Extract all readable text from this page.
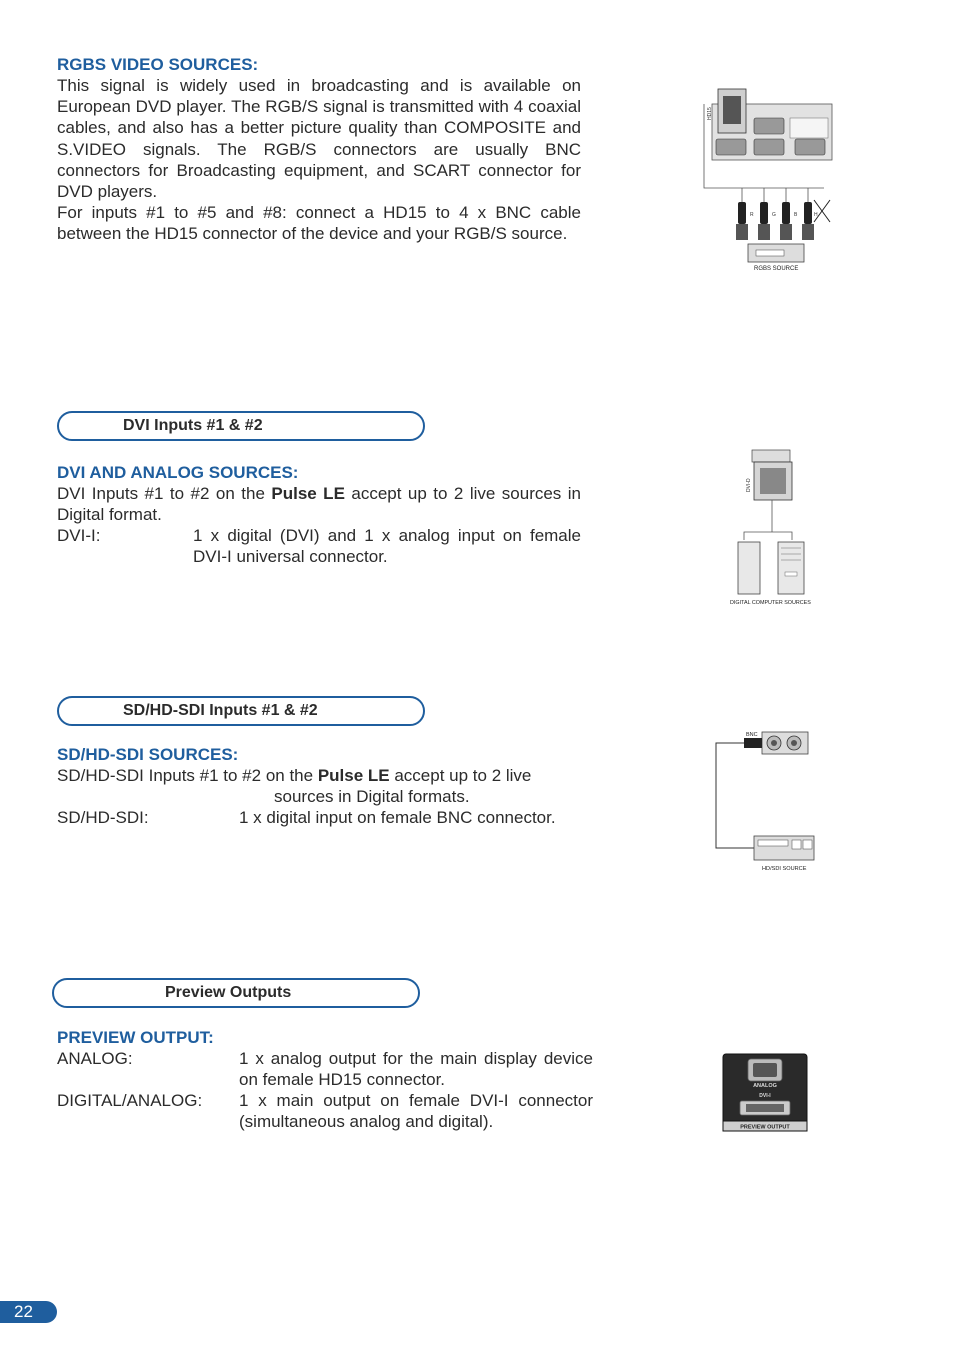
RGBS VIDEO SOURCES:
This signal is widely used in broadcasting and is available on European DVD player. The RGB/S signal is transmitted with 4 coaxial cables, and also has a better picture quality than COMPOSITE and S.VIDEO signals. The RGB/S connectors are usually BNC connectors for Broadcasting equipment, and SCART connector for DVD players.
For inputs #1 to #5 and #8: connect a HD15 to 4 x BNC cable between the HD15 connector of the device and your RGB/S source.
HD15
R	G	B	H
RGBS SOURCE
DVI Inputs #1 & #2
DVI AND ANALOG SOURCES:
DVI Inputs #1 to #2 on the Pulse LE accept up to 2 live sources in Digital format.
DVI-I:	1 x digital (DVI) and 1 x analog input on female DVI-I universal connector.
DVI-D
DIGITAL COMPUTER SOURCES
SD/HD-SDI Inputs #1 & #2
SD/HD-SDI SOURCES:
SD/HD-SDI Inputs #1 to #2 on the Pulse LE accept up to 2 live
sources in Digital formats.
SD/HD-SDI:	1 x digital input on female BNC connector.
BNC
HD/SDI SOURCE
Preview Outputs
PREVIEW OUTPUT:
ANALOG:	1 x analog output for the main display device on female HD15 connector.
DIGITAL/ANALOG: 1 x main output on female DVI-I connector (simultaneous analog and digital).
ANALOG
DVI-I
PREVIEW OUTPUT
22
